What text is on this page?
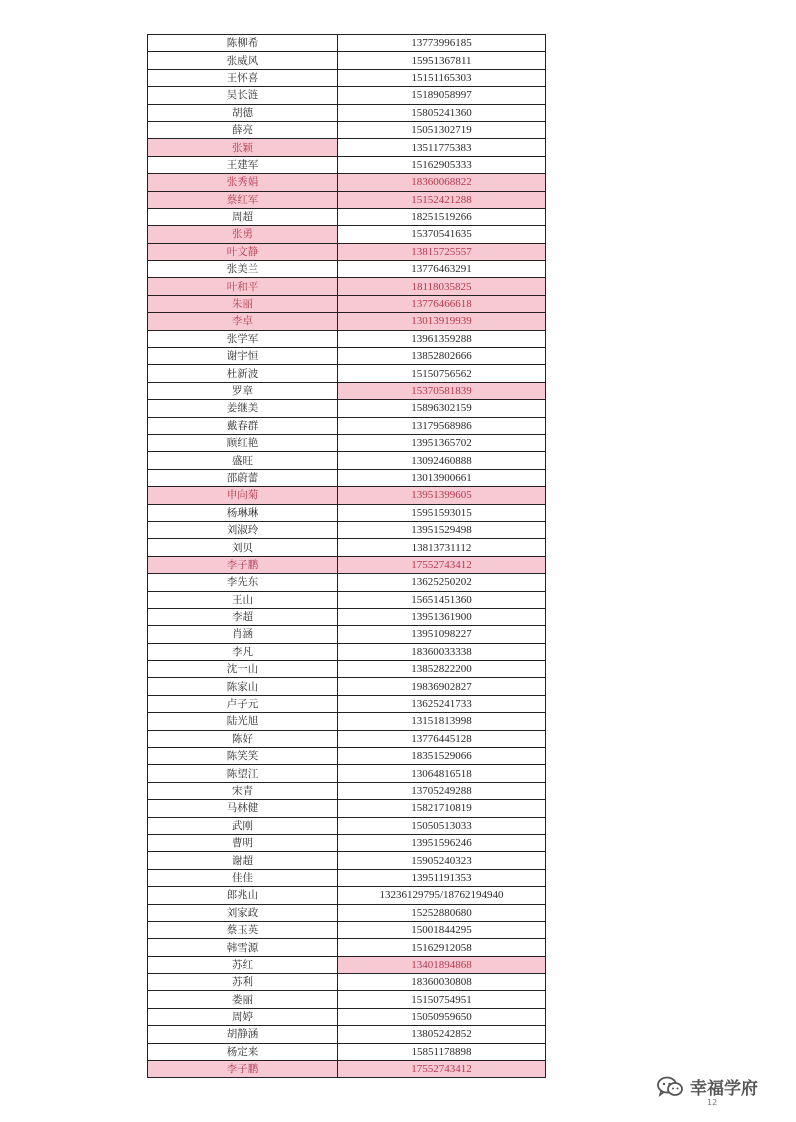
陈柳希	13773996185
张威风	15951367811
王怀喜	15151165303
吴长涟	15189058997
胡德	15805241360
薛亮	15051302719
张颖	13511775383
王建军	15162905333
张秀娟	18360068822
蔡红军	15152421288
周超	18251519266
张勇	15370541635
叶文静	13815725557
张美兰	13776463291
叶和平	18118035825
朱丽	13776466618
李卓	13013919939
张学军	13961359288
谢宇恒	13852802666
杜新波	15150756562
罗章	15370581839
姜继美	15896302159
戴春群	13179568986
顾红艳	13951365702
盛旺	13092460888
邵蔚蕾	13013900661
申向菊	13951399605
杨琳琳	15951593015
刘淑玲	13951529498
刘贝	13813731112
李子鹏	17552743412
李先东	13625250202
王山	15651451360
李超	13951361900
肖涵	13951098227
李凡	18360033338
沈一山	13852822200
陈家山	19836902827
卢子元	13625241733
陆光旭	13151813998
陈好	13776445128
陈笑笑	18351529066
陈望江	13064816518
宋青	13705249288
马林健	15821710819
武刚	15050513033
曹明	13951596246
谢超	15905240323
佳佳	13951191353
郎兆山	13236129795/18762194940
刘家政	15252880680
蔡玉英	15001844295
韩雪源	15162912058
苏红	13401894868
苏利	18360030808
娄丽	15150754951
周婷	15050959650
胡静涵	13805242852
杨定来	15851178898
李子鹏	17552743412
幸福学府
12
